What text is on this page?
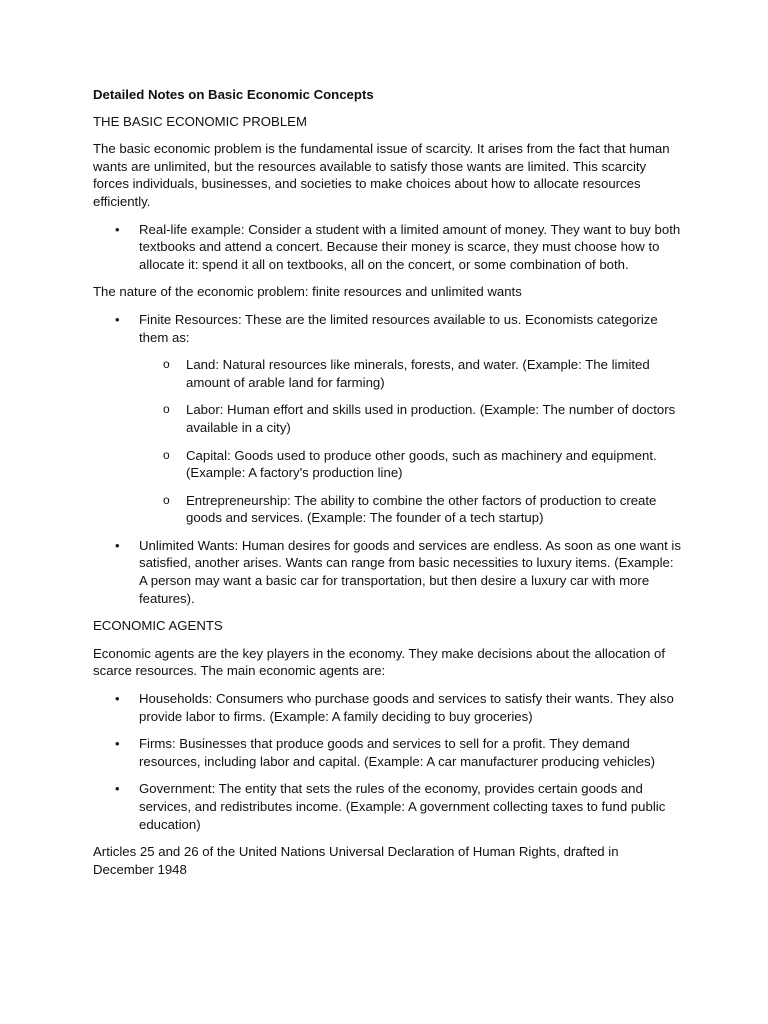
Detailed Notes on Basic Economic Concepts
THE BASIC ECONOMIC PROBLEM
The basic economic problem is the fundamental issue of scarcity. It arises from the fact that human wants are unlimited, but the resources available to satisfy those wants are limited. This scarcity forces individuals, businesses, and societies to make choices about how to allocate resources efficiently.
• Real-life example: Consider a student with a limited amount of money. They want to buy both textbooks and attend a concert. Because their money is scarce, they must choose how to allocate it: spend it all on textbooks, all on the concert, or some combination of both.
The nature of the economic problem: finite resources and unlimited wants
• Finite Resources: These are the limited resources available to us. Economists categorize them as:
o Land: Natural resources like minerals, forests, and water. (Example: The limited amount of arable land for farming)
o Labor: Human effort and skills used in production. (Example: The number of doctors available in a city)
o Capital: Goods used to produce other goods, such as machinery and equipment. (Example: A factory's production line)
o Entrepreneurship: The ability to combine the other factors of production to create goods and services. (Example: The founder of a tech startup)
• Unlimited Wants: Human desires for goods and services are endless. As soon as one want is satisfied, another arises. Wants can range from basic necessities to luxury items. (Example: A person may want a basic car for transportation, but then desire a luxury car with more features).
ECONOMIC AGENTS
Economic agents are the key players in the economy. They make decisions about the allocation of scarce resources. The main economic agents are:
• Households: Consumers who purchase goods and services to satisfy their wants. They also provide labor to firms. (Example: A family deciding to buy groceries)
• Firms: Businesses that produce goods and services to sell for a profit. They demand resources, including labor and capital. (Example: A car manufacturer producing vehicles)
• Government: The entity that sets the rules of the economy, provides certain goods and services, and redistributes income. (Example: A government collecting taxes to fund public education)
Articles 25 and 26 of the United Nations Universal Declaration of Human Rights, drafted in December 1948
